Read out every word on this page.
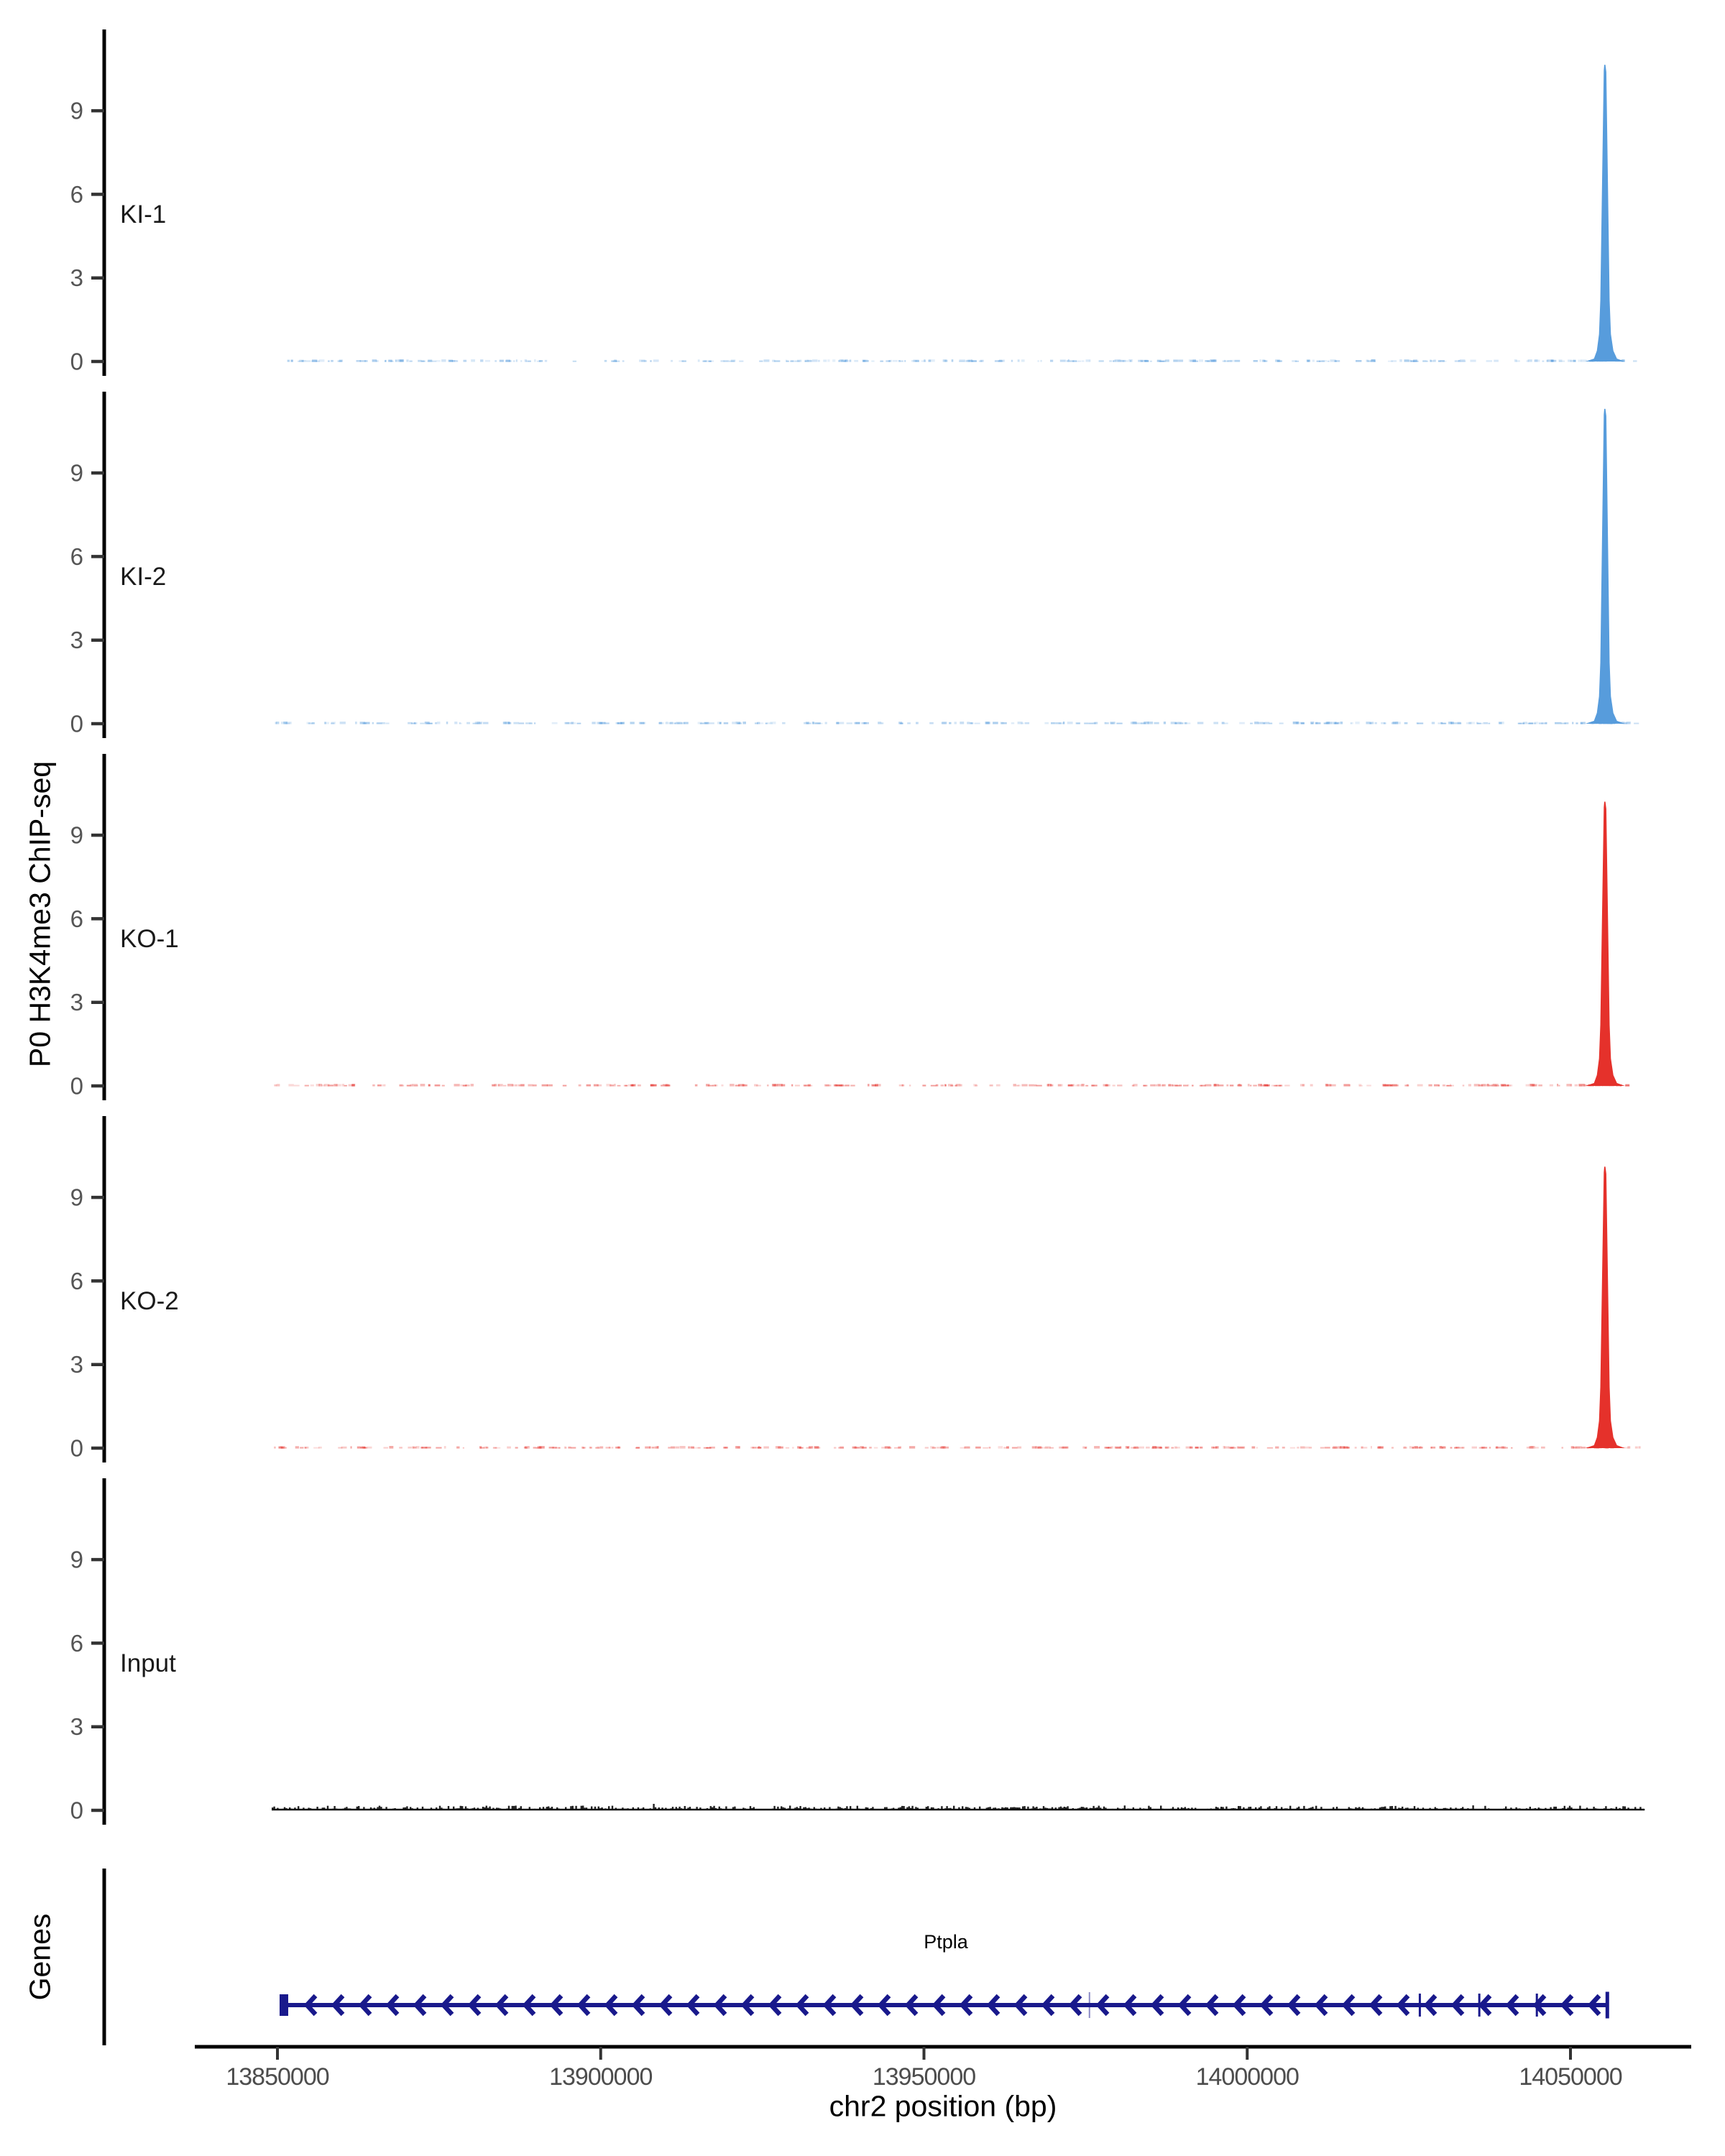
0
3
6
9
KI-1
0
3
6
9
KI-2
0
3
6
9
KO-1
0
3
6
9
KO-2
0
3
6
9
Input
Ptpla
13850000	13900000	13950000	14000000	14050000
P0 H3K4me3 ChIP-seq
Genes
chr2 position (bp)
